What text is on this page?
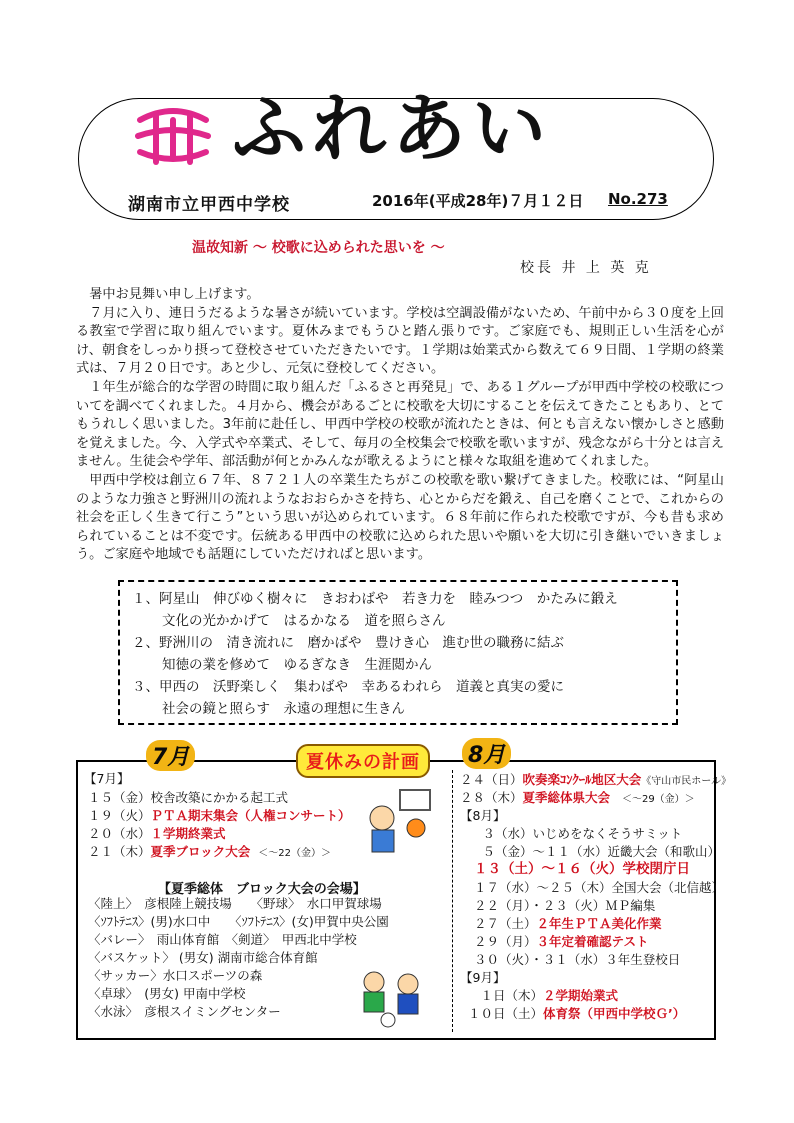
ふれあい
湖南市立甲西中学校	2016年(平成28年)７月１２日 No.273
温故知新 〜 校歌に込められた思いを 〜
校長 井 上 英 克

暑中お見舞い申し上げます。

７月に入り、連日うだるような暑さが続いています。学校は空調設備がないため、午前中から３０度を上回る教室で学習に取り組んでいます。夏休みまでもうひと踏ん張りです。ご家庭でも、規則正しい生活を心がけ、朝食をしっかり摂って登校させていただきたいです。１学期は始業式から数えて６９日間、１学期の終業式は、７月２０日です。あと少し、元気に登校してください。

１年生が総合的な学習の時間に取り組んだ「ふるさと再発見」で、ある１グループが甲西中学校の校歌についてを調べてくれました。４月から、機会があるごとに校歌を大切にすることを伝えてきたこともあり、とてもうれしく思いました。3年前に赴任し、甲西中学校の校歌が流れたときは、何とも言えない懐かしさと感動を覚えました。今、入学式や卒業式、そして、毎月の全校集会で校歌を歌いますが、残念ながら十分とは言えません。生徒会や学年、部活動が何とかみんなが歌えるようにと様々な取組を進めてくれました。

甲西中学校は創立６７年、８７２１人の卒業生たちがこの校歌を歌い繋げてきました。校歌には、“阿星山のような力強さと野洲川の流れようなおおらかさを持ち、心とからだを鍛え、自己を磨くことで、これからの社会を正しく生きて行こう”という思いが込められています。６８年前に作られた校歌ですが、今も昔も求められていることは不変です。伝統ある甲西中の校歌に込められた思いや願いを大切に引き継いでいきましょう。ご家庭や地域でも話題にしていただければと思います。

１、阿星山　伸びゆく樹々に　きおわばや　若き力を　睦みつつ　かたみに鍛え
文化の光かかげて　はるかなる　道を照らさん
２、野洲川の　清き流れに　磨かばや　豊けき心　進む世の職務に結ぶ
知徳の業を修めて　ゆるぎなき　生涯閲かん
３、甲西の　沃野楽しく　集わばや　幸あるわれら　道義と真実の愛に
社会の鏡と照らす　永遠の理想に生きん
7月	8月
夏休みの計画
【7月】
１５（金）校舎改築にかかる起工式
１９（火）ＰＴＡ期末集会（人権コンサート）
２０（水）１学期終業式
２１（木）夏季ブロック大会 ＜〜22（金）＞
【夏季総体　ブロック大会の会場】
〈陸上〉　彦根陸上競技場　　〈野球〉　水口甲賀球場
〈ｿﾌﾄﾃﾆｽ〉(男)水口中　　〈ｿﾌﾄﾃﾆｽ〉(女)甲賀中央公園
〈バレー〉　雨山体育館　〈剣道〉　甲西北中学校
〈バスケット〉 (男女) 湖南市総合体育館
〈サッカー〉水口スポーツの森
〈卓球〉　(男女) 甲南中学校
〈水泳〉　彦根スイミングセンター
２４（日）吹奏楽ｺﾝｸｰﾙ地区大会《守山市民ホール》
２８（木）夏季総体県大会 ＜〜29（金）＞
【8月】
　３（水）いじめをなくそうサミット
　５（金）〜１１（水）近畿大会（和歌山）
１３（土）〜１６（火）学校閉庁日
１７（水）〜２５（木）全国大会（北信越）
２２（月）・２３（火）ＭＰ編集
２７（土）２年生ＰＴＡ美化作業
２９（月）３年定着確認テスト
３０（火）・３１（水）３年生登校日
【9月】
　１日（木）２学期始業式
１０日（土）体育祭（甲西中学校Ｇ’）
